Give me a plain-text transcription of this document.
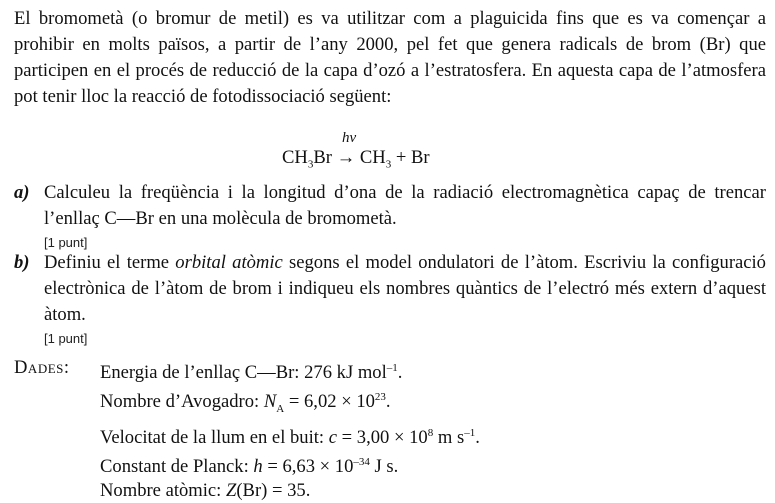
El bromometà (o bromur de metil) es va utilitzar com a plaguicida fins que es va començar a prohibir en molts països, a partir de l’any 2000, pel fet que genera radicals de brom (Br) que participen en el procés de reducció de la capa d’ozó a l’estratosfera. En aquesta capa de l’atmosfera pot tenir lloc la reacció de fotodissociació següent:

hv
$CH_3Br \to CH_3 + Br$
a) Calculeu la freqüència i la longitud d’ona de la radiació electromagnètica capaç de trencar l’enllaç C—Br en una molècula de bromometà.
[1 punt]
b) Definiu el terme orbital atòmic segons el model ondulatori de l’àtom. Escriviu la configuració electrònica de l’àtom de brom i indiqueu els nombres quàntics de l’electró més extern d’aquest àtom.
[1 punt]
Dades: Energia de l’enllaç C—Br: 276 kJ mol$^{-1}$.
Nombre d’Avogadro: $N_A = 6,02 \times 10^{23}$.
Velocitat de la llum en el buit: $c = 3,00 \times 10^8$ m $s^{-1}$.
Constant de Planck: $h = 6,63 \times 10^{-34}$ J s.
Nombre atòmic: Z(Br) = 35.
